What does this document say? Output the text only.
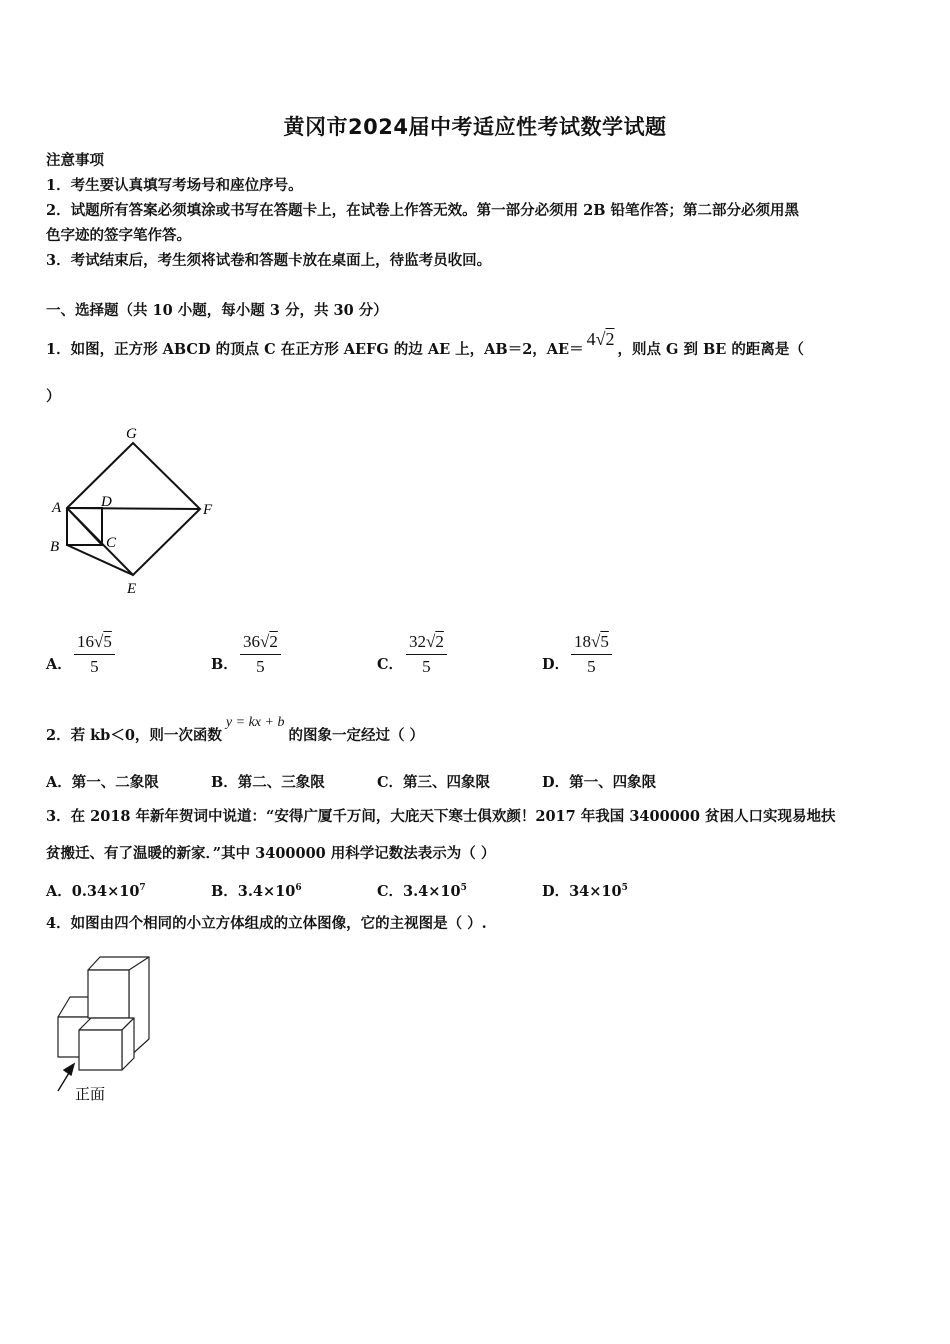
黄冈市2024届中考适应性考试数学试题
注意事项
1．考生要认真填写考场号和座位序号。
2．试题所有答案必须填涂或书写在答题卡上，在试卷上作答无效。第一部分必须用 2B 铅笔作答；第二部分必须用黑
色字迹的签字笔作答。
3．考试结束后，考生须将试卷和答题卡放在桌面上，待监考员收回。
一、选择题（共 10 小题，每小题 3 分，共 30 分）
1．如图，正方形 ABCD 的顶点 C 在正方形 AEFG 的边 AE 上，AB＝2，AE＝4√2，则点 G 到 BE 的距离是（
）
G
A	D	F
B	C
E
A． $\frac{16√5}{5}$	B． $\frac{36√2}{5}$	C． $\frac{32√2}{5}$	D． $\frac{18√5}{5}$
2．若 kb＜0，则一次函数y = kx + b的图象一定经过（ ）
A．第一、二象限	B．第二、三象限	C．第三、四象限	D．第一、四象限
3．在 2018 年新年贺词中说道：“安得广厦千万间，大庇天下寒士俱欢颜！2017 年我国 3400000 贫困人口实现易地扶
贫搬迁、有了温暖的新家．”其中 3400000 用科学记数法表示为（ ）
A．$0.34\times 10^7$	B．$3.4\times 10^6$	C．$3.4\times 10^5$	D．$34\times 10^5$
4．如图由四个相同的小立方体组成的立体图像，它的主视图是（ ）.
正面
